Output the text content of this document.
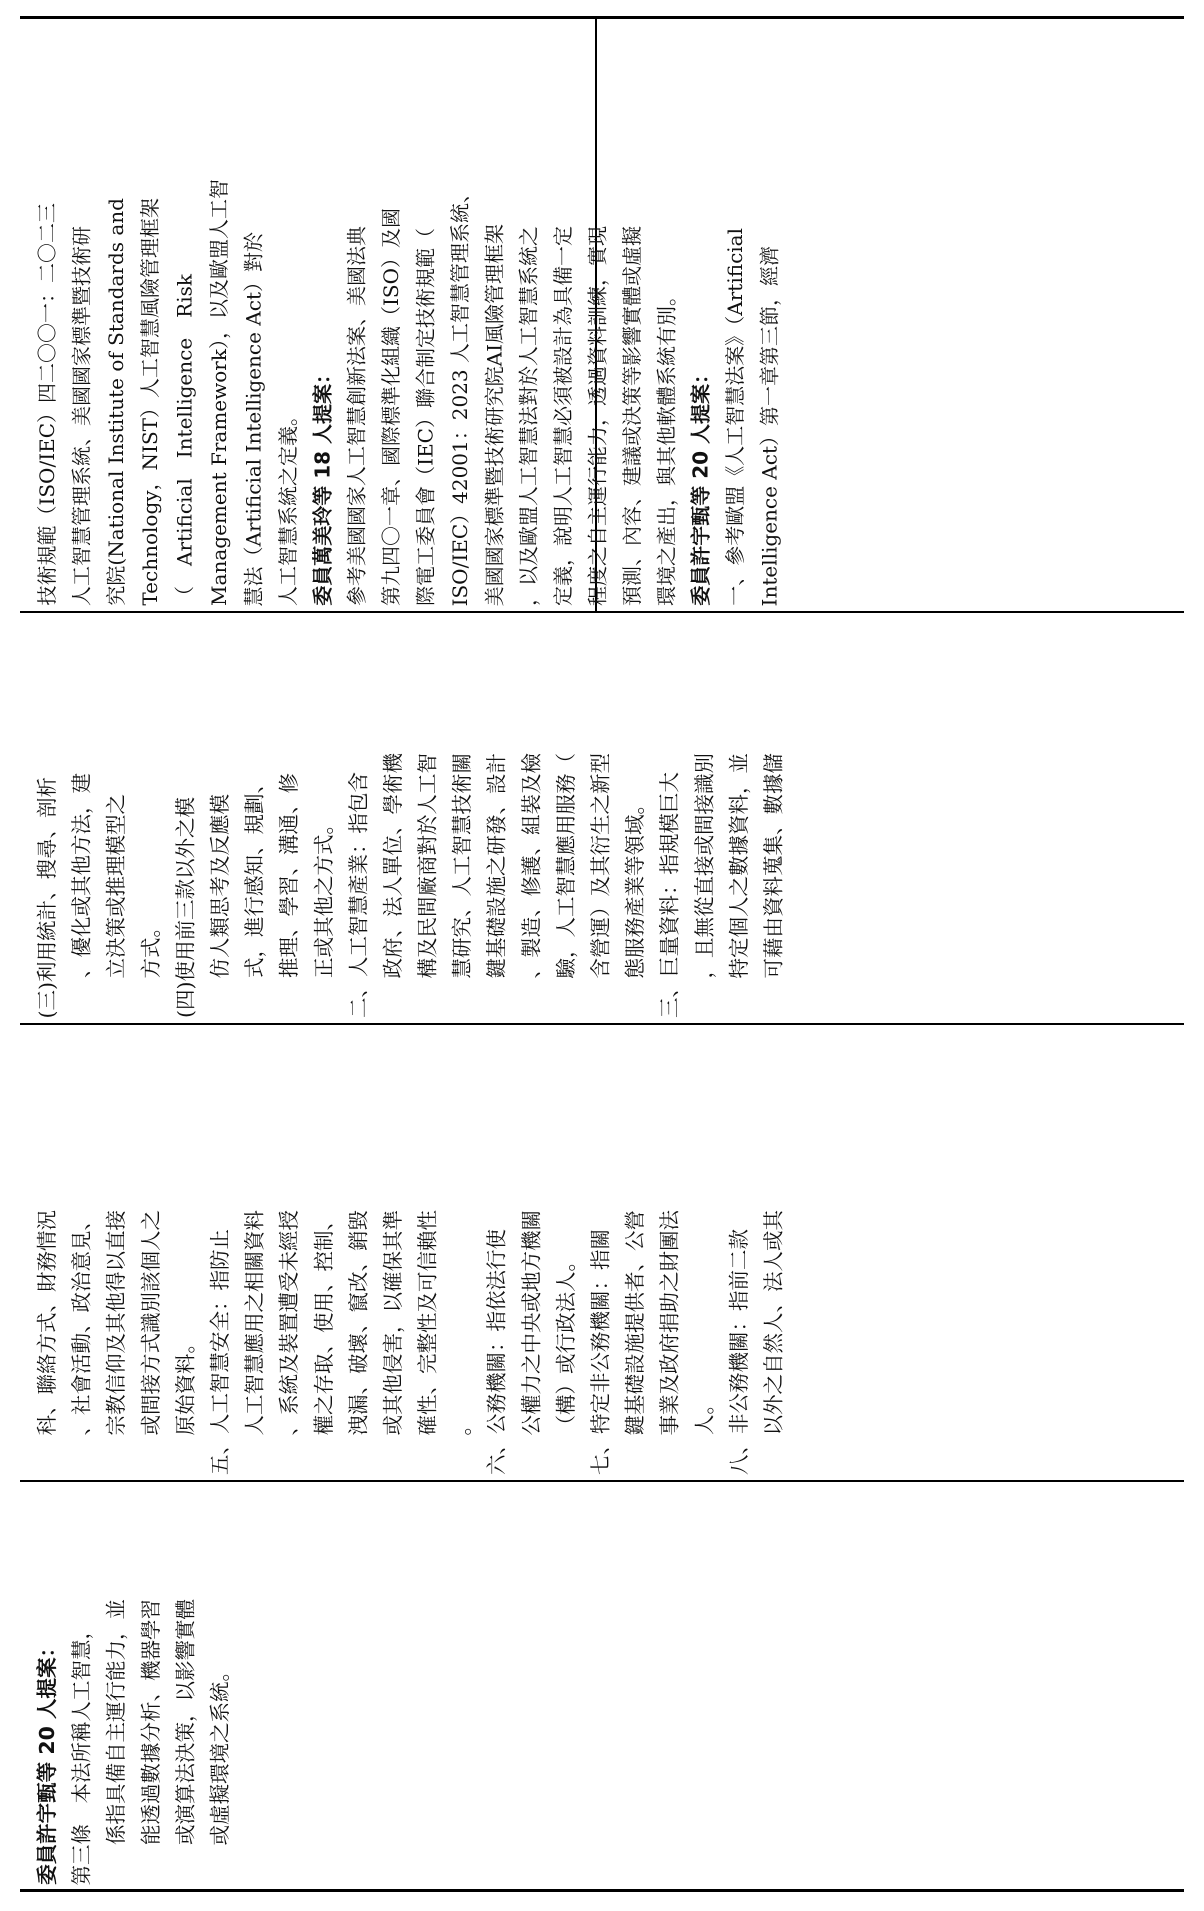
技術規範（ISO/IEC）四二〇〇一：二〇二三 人工智慧管理系統、美國國家標準暨技術研 究院(National Institute of Standards and Technology，NIST）人工智慧風險管理框架 （　Artificial　Intelligence　Risk Management Framework），以及歐盟人工智 慧法（Artificial Intelligence Act）對於 人工智慧系統之定義。 委員萬美玲等 18 人提案： 參考美國國家人工智慧創新法案、美國法典 第九四〇一章、國際標準化組織（ISO）及國 際電工委員會（IEC）聯合制定技術規範（ ISO/IEC）42001：2023 人工智慧管理系統、 美國國家標準暨技術研究院AI風險管理框架 ，以及歐盟人工智慧法對於人工智慧系統之 定義，說明人工智慧必須被設計為具備一定 程度之自主運行能力，透過資料訓練，實現 預測、內容、建議或決策等影響實體或虛擬 環境之產出，與其他軟體系統有別。 委員許宇甄等 20 人提案： 一、參考歐盟《人工智慧法案》（Artificial Intelligence Act）第一章第三節，經濟
(三)利用統計、搜尋、剖析 、優化或其他方法，建 立決策或推理模型之 方式。 (四)使用前三款以外之模 仿人類思考及反應模 式，進行感知、規劃、 推理、學習、溝通、修 正或其他之方式。 二、人工智慧產業：指包含 政府、法人單位、學術機 構及民間廠商對於人工智 慧研究、人工智慧技術關 鍵基礎設施之研發、設計 、製造、修護、組裝及檢 驗，人工智慧應用服務（ 含營運）及其衍生之新型 態服務產業等領域。 三、巨量資料：指規模巨大 ，且無從直接或間接識別 特定個人之數據資料，並 可藉由資料蒐集、數據儲
科、聯絡方式、財務情況 、社會活動、政治意見、 宗教信仰及其他得以直接 或間接方式識別該個人之 原始資料。 五、人工智慧安全：指防止 人工智慧應用之相關資料 、系統及裝置遭受未經授 權之存取、使用、控制、 洩漏、破壞、竄改、銷毀 或其他侵害，以確保其準 確性、完整性及可信賴性 。 六、公務機關：指依法行使 公權力之中央或地方機關 （構）或行政法人。 七、特定非公務機關：指關 鍵基礎設施提供者、公營 事業及政府捐助之財團法 人。 八、非公務機關：指前二款 以外之自然人、法人或其
委員許宇甄等 20 人提案： 第三條　本法所稱人工智慧， 係指具備自主運行能力，並 能透過數據分析、機器學習 或演算法決策，以影響實體 或虛擬環境之系統。
